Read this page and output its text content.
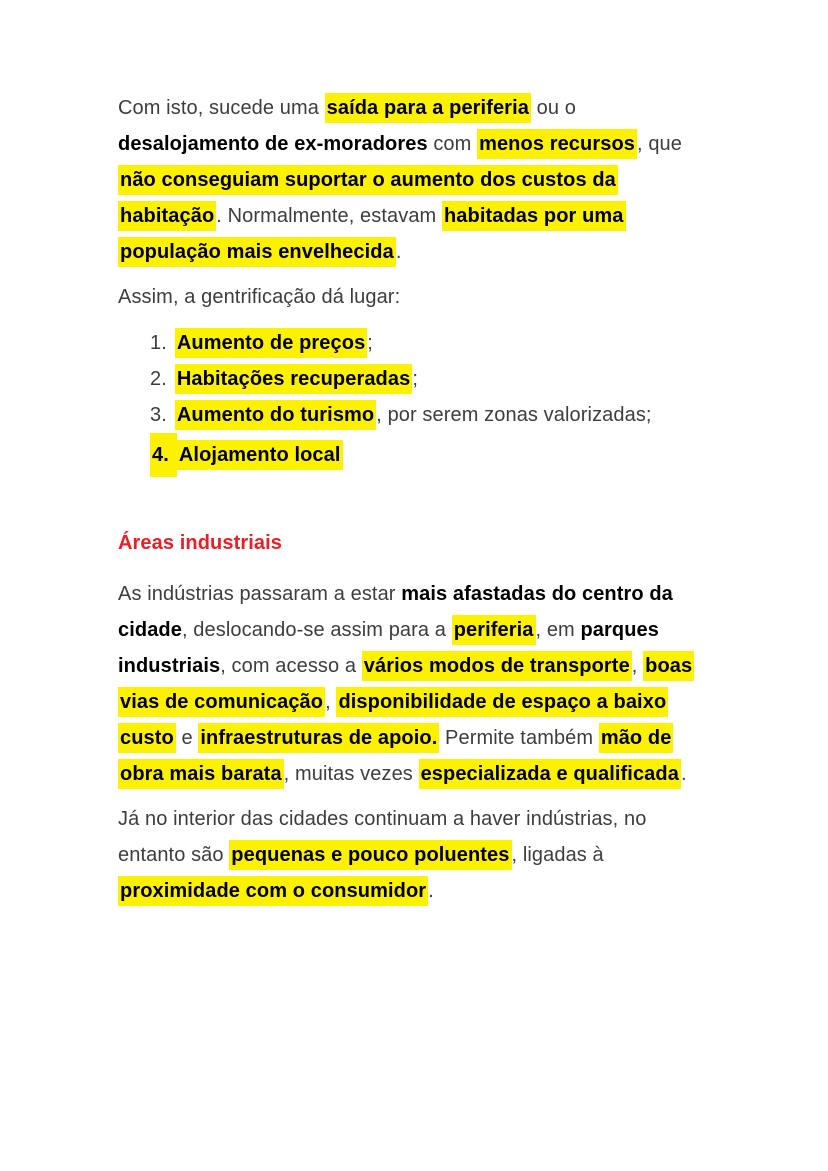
Com isto, sucede uma saída para a periferia ou o desalojamento de ex-moradores com menos recursos , que não conseguiam suportar o aumento dos custos da habitação . Normalmente, estavam habitadas por uma população mais envelhecida .

Assim, a gentrificação dá lugar:

1. Aumento de preços ;
2. Habitações recuperadas ;
3. Aumento do turismo , por serem zonas valorizadas;
4. Alojamento local
Áreas industriais

As indústrias passaram a estar mais afastadas do centro da cidade, deslocando-se assim para a periferia , em parques industriais, com acesso a vários modos de transporte , boas vias de comunicação , disponibilidade de espaço a baixo custo e infraestruturas de apoio. Permite também mão de obra mais barata , muitas vezes especializada e qualificada .

Já no interior das cidades continuam a haver indústrias, no entanto são pequenas e pouco poluentes , ligadas à proximidade com o consumidor .
